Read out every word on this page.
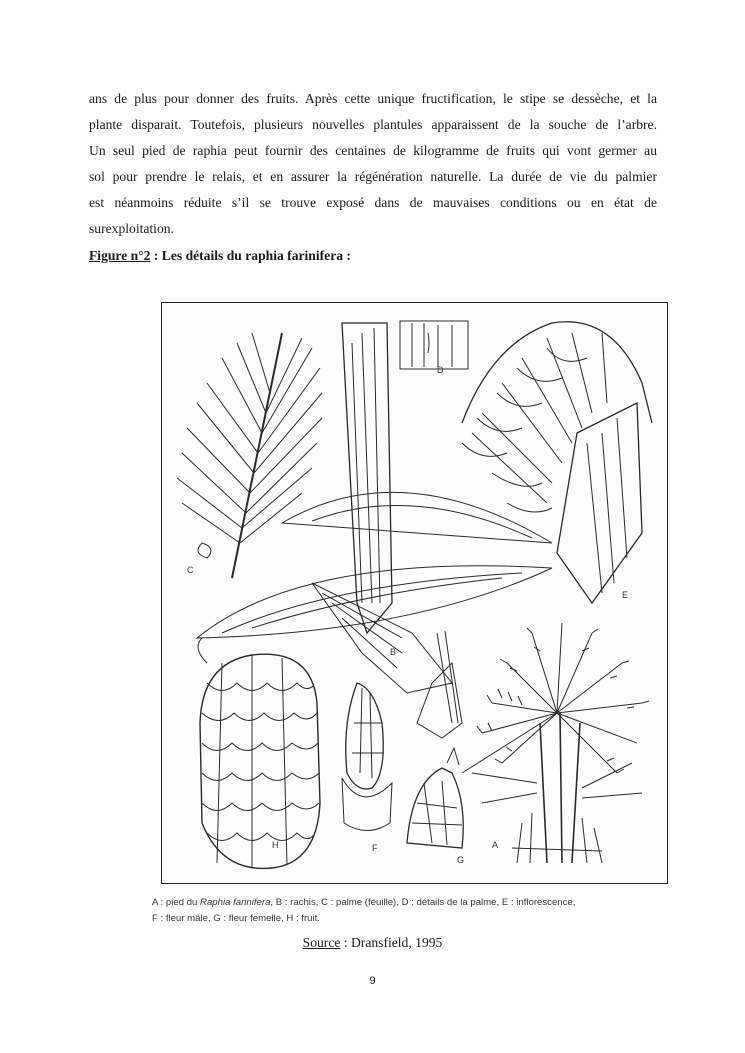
ans de plus pour donner des fruits. Après cette unique fructification, le stipe se dessèche, et la
plante disparait. Toutefois, plusieurs nouvelles plantules apparaissent de la souche de l’arbre.
Un seul pied de raphia peut fournir des centaines de kilogramme de fruits qui vont germer au
sol pour prendre le relais, et en assurer la régénération naturelle. La durée de vie du palmier
est néanmoins réduite s’il se trouve exposé dans de mauvaises conditions ou en état de
surexploitation.

Figure n°2 : Les détails du raphia farinifera :

C
D
E
B
H	F
G
A
A : pied du Raphia farinifera, B : rachis, C : palme (feuille), D : détails de la palme, E : inflorescence,
F : fleur mâle, G : fleur femelle, H : fruit.
Source : Dransfield, 1995
9
